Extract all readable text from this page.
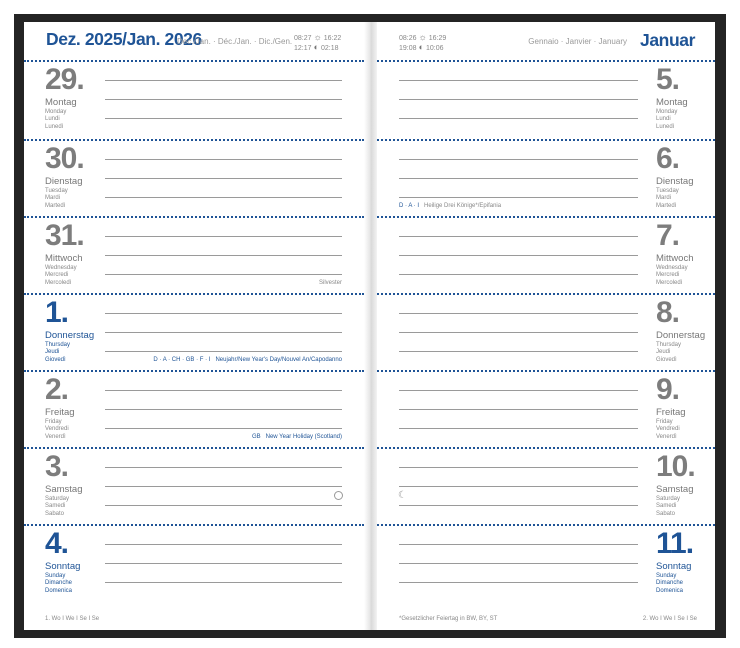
Dez. 2025/Jan. 2026
Dec./Jan. · Déc./Jan. · Dic./Gen. 08:27 ☼ 16:22
12:17 ◐ 02:18
29.
Montag
Monday
Lundi
Lunedì
30.
Dienstag
Tuesday
Mardi
Martedì
31.
Mittwoch
Wednesday
Mercredi
Mercoledì	Silvester
1.
Donnerstag
Thursday
Jeudi
Giovedì	D · A · CH · GB · F · I Neujahr/New Year's Day/Nouvel An/Capodanno
2.
Freitag
Friday
Vendredi
Venerdì	GB New Year Holiday (Scotland)
3.
Samstag
Saturday
Samedi
Sabato
4.
Sonntag
Sunday
Dimanche
Domenica
1. Wo I We I Se I Se
08:26 ☼ 16:29
19:08 ◐ 10:06
Gennaio · Janvier · January Januar
5.
Montag
Monday
Lundi
Lunedì
6.
Dienstag
Tuesday
Mardi
Martedì
D · A · I Heilige Drei Könige*/Epifania
7.
Mittwoch
Wednesday
Mercredi
Mercoledì
8.
Donnerstag
Thursday
Jeudi
Giovedì
9.
Freitag
Friday
Vendredi
Venerdì
10.
Samstag
Saturday
Samedi
Sabato
☾
11.
Sonntag
Sunday
Dimanche
Domenica
*Gesetzlicher Feiertag in BW, BY, ST	2. Wo I We I Se I Se
